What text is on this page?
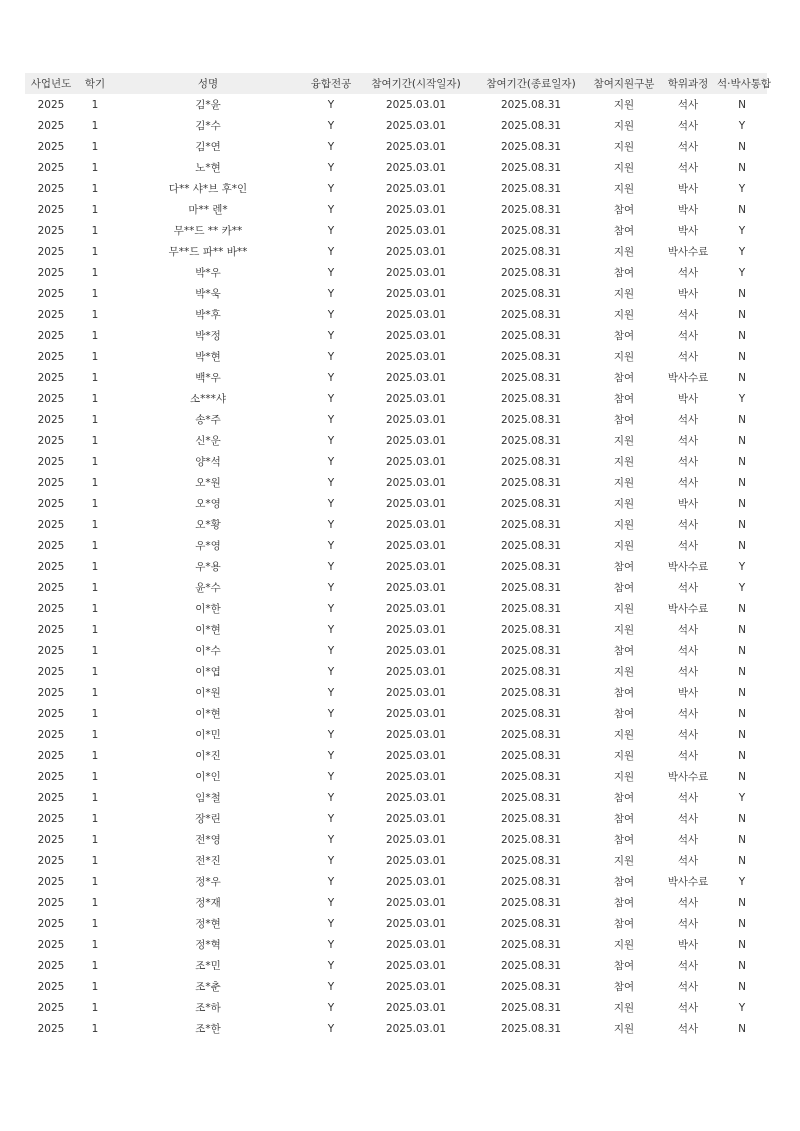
사업년도	학기	성명	융합전공	참여기간(시작일자)	참여기간(종료일자)	참여지원구분	학위과정	석·박사통합
2025	1	김*윤	Y	2025.03.01	2025.08.31	지원	석사	N
2025	1	김*수	Y	2025.03.01	2025.08.31	지원	석사	Y
2025	1	김*연	Y	2025.03.01	2025.08.31	지원	석사	N
2025	1	노*현	Y	2025.03.01	2025.08.31	지원	석사	N
2025	1	다** 샤*브 후*인	Y	2025.03.01	2025.08.31	지원	박사	Y
2025	1	마** 렌*	Y	2025.03.01	2025.08.31	참여	박사	N
2025	1	무**드 ** 카**	Y	2025.03.01	2025.08.31	참여	박사	Y
2025	1	무**드 파** 바**	Y	2025.03.01	2025.08.31	지원	박사수료	Y
2025	1	박*우	Y	2025.03.01	2025.08.31	참여	석사	Y
2025	1	박*욱	Y	2025.03.01	2025.08.31	지원	박사	N
2025	1	박*후	Y	2025.03.01	2025.08.31	지원	석사	N
2025	1	박*정	Y	2025.03.01	2025.08.31	참여	석사	N
2025	1	박*현	Y	2025.03.01	2025.08.31	지원	석사	N
2025	1	백*우	Y	2025.03.01	2025.08.31	참여	박사수료	N
2025	1	소***샤	Y	2025.03.01	2025.08.31	참여	박사	Y
2025	1	송*주	Y	2025.03.01	2025.08.31	참여	석사	N
2025	1	신*운	Y	2025.03.01	2025.08.31	지원	석사	N
2025	1	양*석	Y	2025.03.01	2025.08.31	지원	석사	N
2025	1	오*원	Y	2025.03.01	2025.08.31	지원	석사	N
2025	1	오*영	Y	2025.03.01	2025.08.31	지원	박사	N
2025	1	오*황	Y	2025.03.01	2025.08.31	지원	석사	N
2025	1	우*영	Y	2025.03.01	2025.08.31	지원	석사	N
2025	1	우*용	Y	2025.03.01	2025.08.31	참여	박사수료	Y
2025	1	윤*수	Y	2025.03.01	2025.08.31	참여	석사	Y
2025	1	이*한	Y	2025.03.01	2025.08.31	지원	박사수료	N
2025	1	이*현	Y	2025.03.01	2025.08.31	지원	석사	N
2025	1	이*수	Y	2025.03.01	2025.08.31	참여	석사	N
2025	1	이*엽	Y	2025.03.01	2025.08.31	지원	석사	N
2025	1	이*원	Y	2025.03.01	2025.08.31	참여	박사	N
2025	1	이*현	Y	2025.03.01	2025.08.31	참여	석사	N
2025	1	이*민	Y	2025.03.01	2025.08.31	지원	석사	N
2025	1	이*진	Y	2025.03.01	2025.08.31	지원	석사	N
2025	1	이*인	Y	2025.03.01	2025.08.31	지원	박사수료	N
2025	1	임*철	Y	2025.03.01	2025.08.31	참여	석사	Y
2025	1	장*린	Y	2025.03.01	2025.08.31	참여	석사	N
2025	1	전*영	Y	2025.03.01	2025.08.31	참여	석사	N
2025	1	전*진	Y	2025.03.01	2025.08.31	지원	석사	N
2025	1	정*우	Y	2025.03.01	2025.08.31	참여	박사수료	Y
2025	1	정*재	Y	2025.03.01	2025.08.31	참여	석사	N
2025	1	정*현	Y	2025.03.01	2025.08.31	참여	석사	N
2025	1	정*혁	Y	2025.03.01	2025.08.31	지원	박사	N
2025	1	조*민	Y	2025.03.01	2025.08.31	참여	석사	N
2025	1	조*춘	Y	2025.03.01	2025.08.31	참여	석사	N
2025	1	조*하	Y	2025.03.01	2025.08.31	지원	석사	Y
2025	1	조*한	Y	2025.03.01	2025.08.31	지원	석사	N
